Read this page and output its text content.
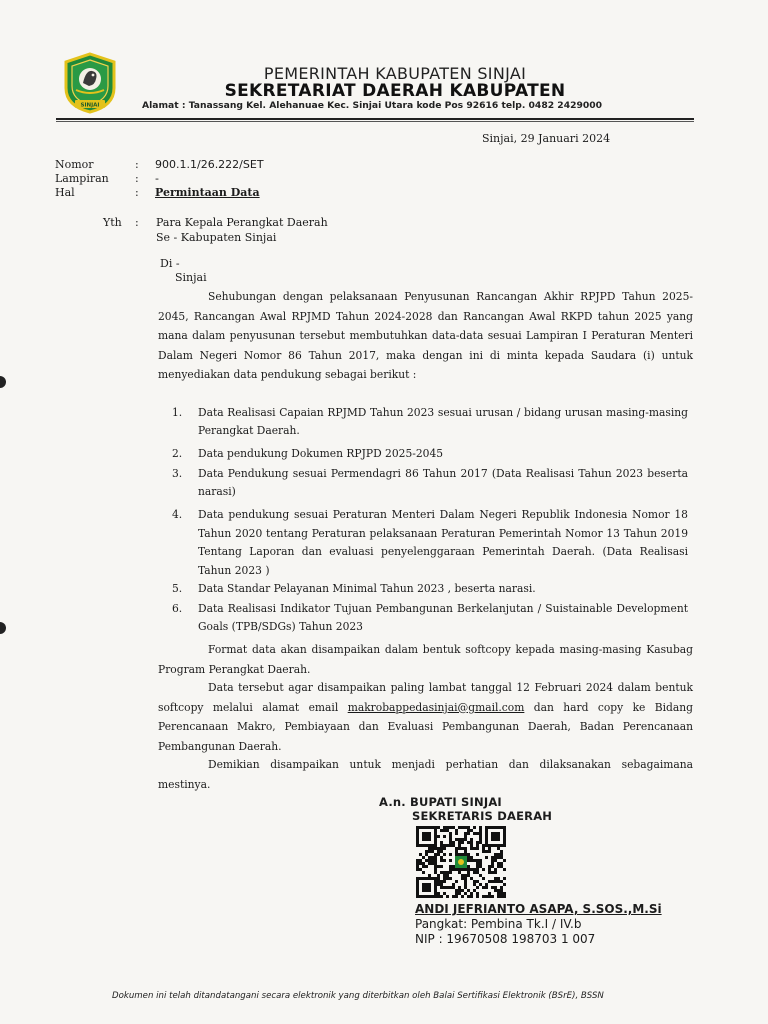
SINJAI
PEMERINTAH KABUPATEN SINJAI
SEKRETARIAT DAERAH KABUPATEN
Alamat : Tanassang Kel. Alehanuae Kec. Sinjai Utara kode Pos 92616 telp. 0482 2429000
Sinjai, 29 Januari 2024
Nomor	: 900.1.1/26.222/SET
Lampiran	: -
Hal	: Permintaan Data
Yth : Para Kepala Perangkat Daerah
Se - Kabupaten Sinjai
Di -
Sinjai
Sehubungan dengan pelaksanaan Penyusunan Rancangan Akhir RPJPD Tahun 2025-2045, Rancangan Awal RPJMD Tahun 2024-2028 dan Rancangan Awal RKPD tahun 2025 yang mana dalam penyusunan tersebut membutuhkan data-data sesuai Lampiran I Peraturan Menteri Dalam Negeri Nomor 86 Tahun 2017, maka dengan ini di minta kepada Saudara (i) untuk menyediakan data pendukung sebagai berikut :
1. Data Realisasi Capaian RPJMD Tahun 2023 sesuai urusan / bidang urusan masing-masing Perangkat Daerah.
2. Data pendukung Dokumen RPJPD 2025-2045
3. Data Pendukung sesuai Permendagri 86 Tahun 2017 (Data Realisasi Tahun 2023 beserta narasi)
4. Data pendukung sesuai Peraturan Menteri Dalam Negeri Republik Indonesia Nomor 18 Tahun 2020 tentang Peraturan pelaksanaan Peraturan Pemerintah Nomor 13 Tahun 2019 Tentang Laporan dan evaluasi penyelenggaraan Pemerintah Daerah. (Data Realisasi Tahun 2023 )
5. Data Standar Pelayanan Minimal Tahun 2023 , beserta narasi.
6. Data Realisasi Indikator Tujuan Pembangunan Berkelanjutan / Suistainable Development Goals (TPB/SDGs) Tahun 2023
Format data akan disampaikan dalam bentuk softcopy kepada masing-masing Kasubag Program Perangkat Daerah.
Data tersebut agar disampaikan paling lambat tanggal 12 Februari 2024 dalam bentuk softcopy melalui alamat email makrobappedasinjai@gmail.com dan hard copy ke Bidang Perencanaan Makro, Pembiayaan dan Evaluasi Pembangunan Daerah, Badan Perencanaan Pembangunan Daerah.
Demikian disampaikan untuk menjadi perhatian dan dilaksanakan sebagaimana mestinya.
A.n. BUPATI SINJAI
SEKRETARIS DAERAH
ANDI JEFRIANTO ASAPA, S.SOS.,M.Si
Pangkat: Pembina Tk.I / IV.b
NIP : 19670508 198703 1 007
Dokumen ini telah ditandatangani secara elektronik yang diterbitkan oleh Balai Sertifikasi Elektronik (BSrE), BSSN
